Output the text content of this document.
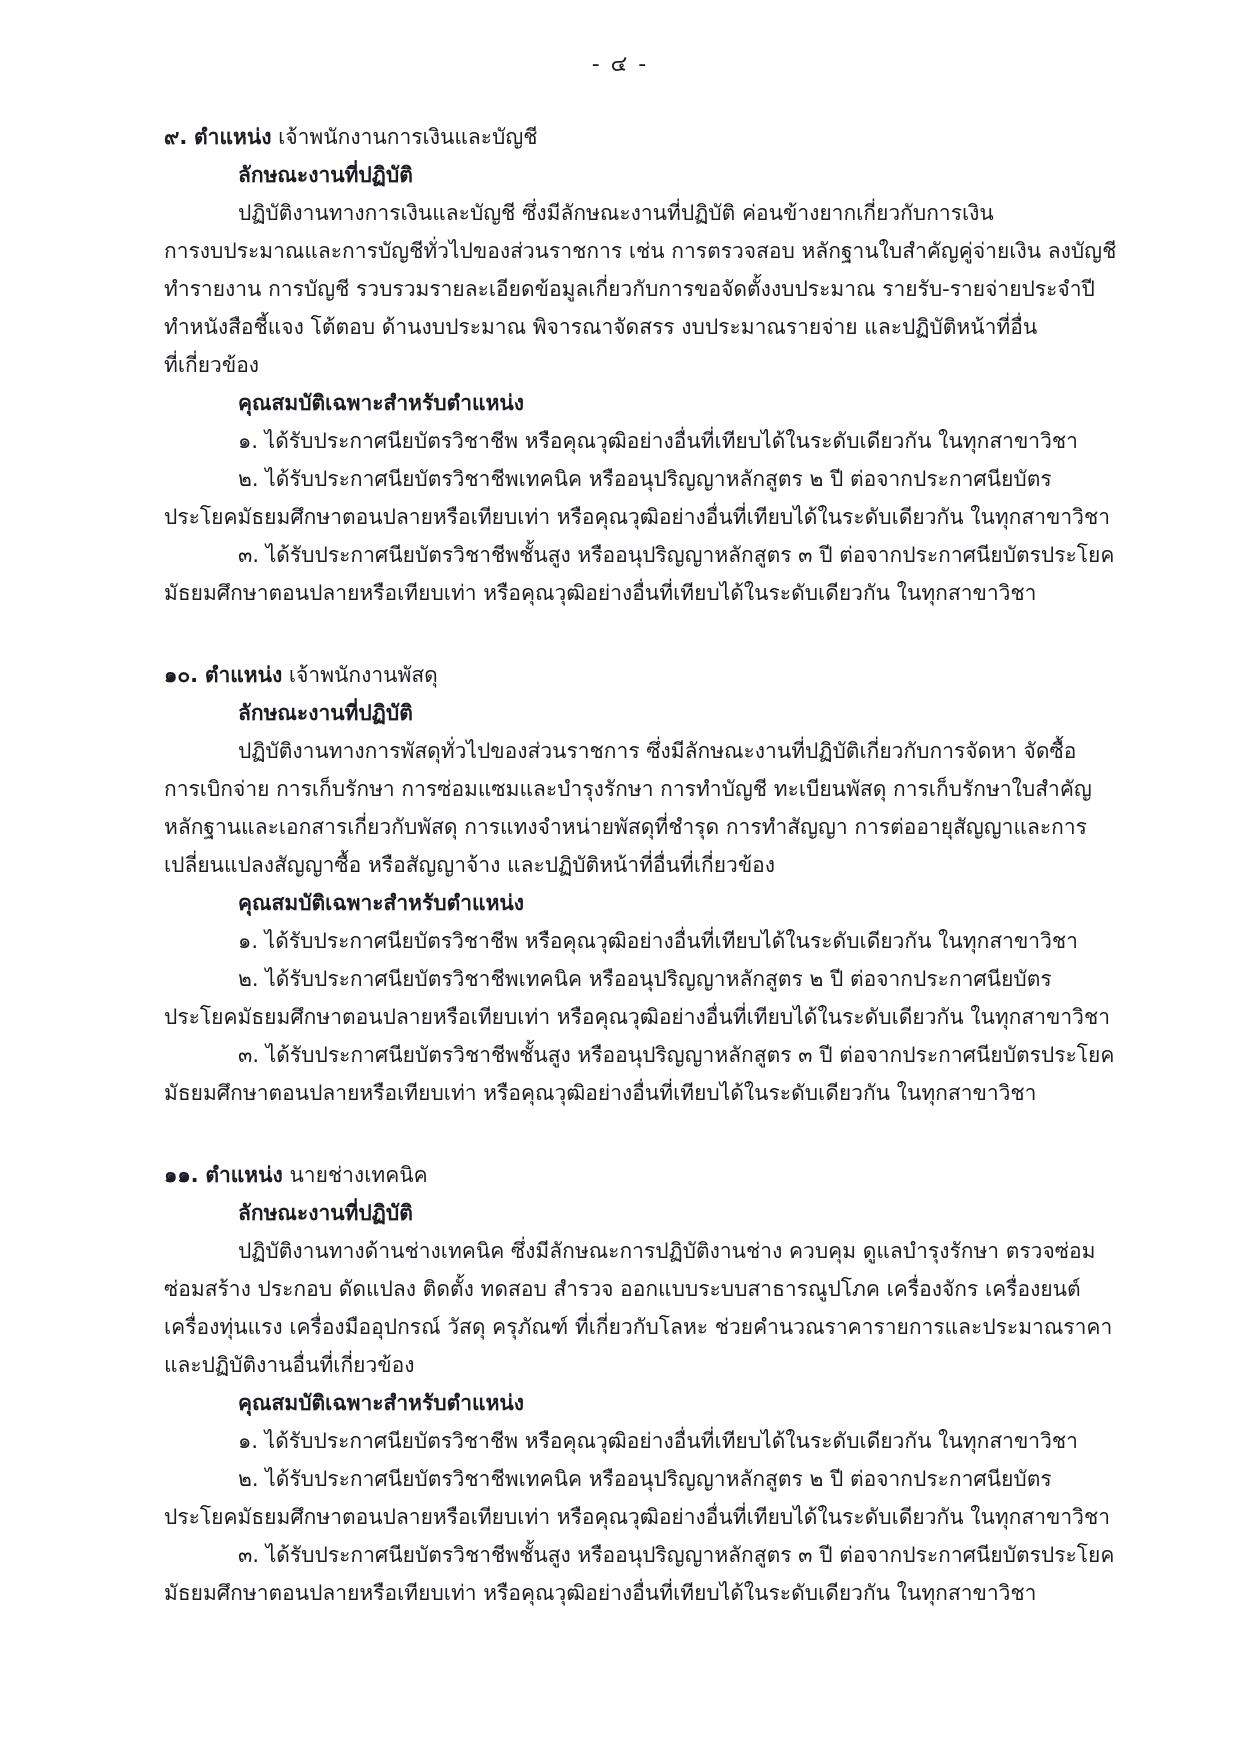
- ๔ -
๙. ตำแหน่ง เจ้าพนักงานการเงินและบัญชี

ลักษณะงานที่ปฏิบัติ

ปฏิบัติงานทางการเงินและบัญชี ซึ่งมีลักษณะงานที่ปฏิบัติ ค่อนข้างยากเกี่ยวกับการเงิน
การงบประมาณและการบัญชีทั่วไปของส่วนราชการ เช่น การตรวจสอบ หลักฐานใบสำคัญคู่จ่ายเงิน ลงบัญชี
ทำรายงาน การบัญชี รวบรวมรายละเอียดข้อมูลเกี่ยวกับการขอจัดตั้งงบประมาณ รายรับ-รายจ่ายประจำปี
ทำหนังสือชี้แจง โต้ตอบ ด้านงบประมาณ พิจารณาจัดสรร งบประมาณรายจ่าย และปฏิบัติหน้าที่อื่น
ที่เกี่ยวข้อง

คุณสมบัติเฉพาะสำหรับตำแหน่ง

๑. ได้รับประกาศนียบัตรวิชาชีพ หรือคุณวุฒิอย่างอื่นที่เทียบได้ในระดับเดียวกัน ในทุกสาขาวิชา
๒. ได้รับประกาศนียบัตรวิชาชีพเทคนิค หรืออนุปริญญาหลักสูตร ๒ ปี ต่อจากประกาศนียบัตร
ประโยคมัธยมศึกษาตอนปลายหรือเทียบเท่า หรือคุณวุฒิอย่างอื่นที่เทียบได้ในระดับเดียวกัน ในทุกสาขาวิชา
๓. ได้รับประกาศนียบัตรวิชาชีพชั้นสูง หรืออนุปริญญาหลักสูตร ๓ ปี ต่อจากประกาศนียบัตรประโยค
มัธยมศึกษาตอนปลายหรือเทียบเท่า หรือคุณวุฒิอย่างอื่นที่เทียบได้ในระดับเดียวกัน ในทุกสาขาวิชา
๑๐. ตำแหน่ง เจ้าพนักงานพัสดุ

ลักษณะงานที่ปฏิบัติ

ปฏิบัติงานทางการพัสดุทั่วไปของส่วนราชการ ซึ่งมีลักษณะงานที่ปฏิบัติเกี่ยวกับการจัดหา จัดซื้อ
การเบิกจ่าย การเก็บรักษา การซ่อมแซมและบำรุงรักษา การทำบัญชี ทะเบียนพัสดุ การเก็บรักษาใบสำคัญ
หลักฐานและเอกสารเกี่ยวกับพัสดุ การแทงจำหน่ายพัสดุที่ชำรุด การทำสัญญา การต่ออายุสัญญาและการ
เปลี่ยนแปลงสัญญาซื้อ หรือสัญญาจ้าง และปฏิบัติหน้าที่อื่นที่เกี่ยวข้อง

คุณสมบัติเฉพาะสำหรับตำแหน่ง

๑. ได้รับประกาศนียบัตรวิชาชีพ หรือคุณวุฒิอย่างอื่นที่เทียบได้ในระดับเดียวกัน ในทุกสาขาวิชา
๒. ได้รับประกาศนียบัตรวิชาชีพเทคนิค หรืออนุปริญญาหลักสูตร ๒ ปี ต่อจากประกาศนียบัตร
ประโยคมัธยมศึกษาตอนปลายหรือเทียบเท่า หรือคุณวุฒิอย่างอื่นที่เทียบได้ในระดับเดียวกัน ในทุกสาขาวิชา
๓. ได้รับประกาศนียบัตรวิชาชีพชั้นสูง หรืออนุปริญญาหลักสูตร ๓ ปี ต่อจากประกาศนียบัตรประโยค
มัธยมศึกษาตอนปลายหรือเทียบเท่า หรือคุณวุฒิอย่างอื่นที่เทียบได้ในระดับเดียวกัน ในทุกสาขาวิชา
๑๑. ตำแหน่ง นายช่างเทคนิค

ลักษณะงานที่ปฏิบัติ

ปฏิบัติงานทางด้านช่างเทคนิค ซึ่งมีลักษณะการปฏิบัติงานช่าง ควบคุม ดูแลบำรุงรักษา ตรวจซ่อม
ซ่อมสร้าง ประกอบ ดัดแปลง ติดตั้ง ทดสอบ สำรวจ ออกแบบระบบสาธารณูปโภค เครื่องจักร เครื่องยนต์
เครื่องทุ่นแรง เครื่องมืออุปกรณ์ วัสดุ ครุภัณฑ์ ที่เกี่ยวกับโลหะ ช่วยคำนวณราคารายการและประมาณราคา
และปฏิบัติงานอื่นที่เกี่ยวข้อง

คุณสมบัติเฉพาะสำหรับตำแหน่ง

๑. ได้รับประกาศนียบัตรวิชาชีพ หรือคุณวุฒิอย่างอื่นที่เทียบได้ในระดับเดียวกัน ในทุกสาขาวิชา
๒. ได้รับประกาศนียบัตรวิชาชีพเทคนิค หรืออนุปริญญาหลักสูตร ๒ ปี ต่อจากประกาศนียบัตร
ประโยคมัธยมศึกษาตอนปลายหรือเทียบเท่า หรือคุณวุฒิอย่างอื่นที่เทียบได้ในระดับเดียวกัน ในทุกสาขาวิชา
๓. ได้รับประกาศนียบัตรวิชาชีพชั้นสูง หรืออนุปริญญาหลักสูตร ๓ ปี ต่อจากประกาศนียบัตรประโยค
มัธยมศึกษาตอนปลายหรือเทียบเท่า หรือคุณวุฒิอย่างอื่นที่เทียบได้ในระดับเดียวกัน ในทุกสาขาวิชา
